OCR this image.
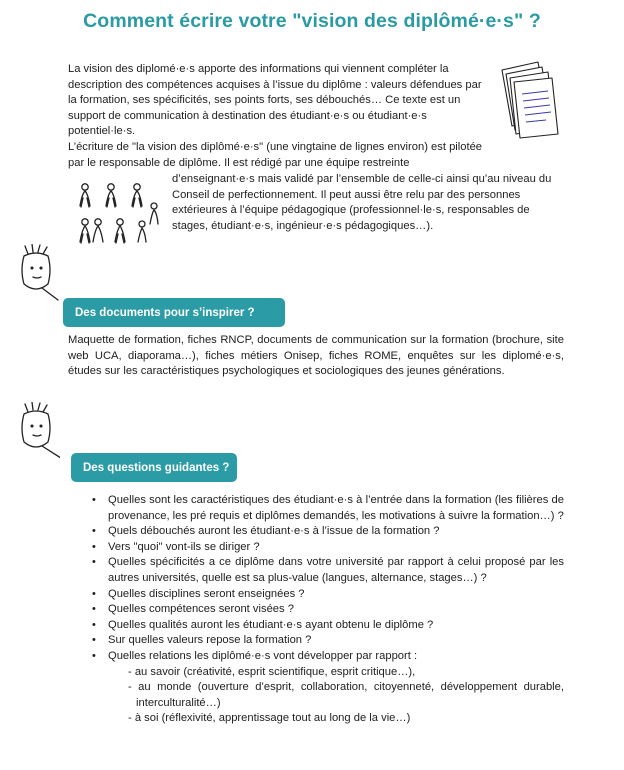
Comment écrire votre "vision des diplômé·e·s" ?

La vision des diplomé·e·s apporte des informations qui viennent compléter la description des compétences acquises à l’issue du diplôme : valeurs défendues par la formation, ses spécificités, ses points forts, ses débouchés… Ce texte est un support de communication à destination des étudiant·e·s ou étudiant·e·s potentiel·le·s.

L’écriture de "la vision des diplômé·e·s" (une vingtaine de lignes environ) est pilotée par le responsable de diplôme. Il est rédigé par une équipe restreinte

d’enseignant·e·s mais validé par l’ensemble de celle-ci ainsi qu’au niveau du Conseil de perfectionnement. Il peut aussi être relu par des personnes extérieures à l’équipe pédagogique (professionnel·le·s, responsables de stages, étudiant·e·s, ingénieur·e·s pédagogiques…).

Des documents pour s’inspirer ?

Maquette de formation, fiches RNCP, documents de communication sur la formation (brochure, site web UCA, diaporama…), fiches métiers Onisep, fiches ROME, enquêtes sur les diplomé·e·s, études sur les caractéristiques psychologiques et sociologiques des jeunes générations.

Des questions guidantes ?
• Quelles sont les caractéristiques des étudiant·e·s à l’entrée dans la formation (les filières de provenance, les pré requis et diplômes demandés, les motivations à suivre la formation…) ?
• Quels débouchés auront les étudiant·e·s à l’issue de la formation ?
• Vers "quoi" vont-ils se diriger ?
• Quelles spécificités a ce diplôme dans votre université par rapport à celui proposé par les autres universités, quelle est sa plus-value (langues, alternance, stages…) ?
• Quelles disciplines seront enseignées ?
• Quelles compétences seront visées ?
• Quelles qualités auront les étudiant·e·s ayant obtenu le diplôme ?
• Sur quelles valeurs repose la formation ?
• Quelles relations les diplômé·e·s vont développer par rapport :
- au savoir (créativité, esprit scientifique, esprit critique…),
- au monde (ouverture d’esprit, collaboration, citoyenneté, développement durable, interculturalité…)
- à soi (réflexivité, apprentissage tout au long de la vie…)
